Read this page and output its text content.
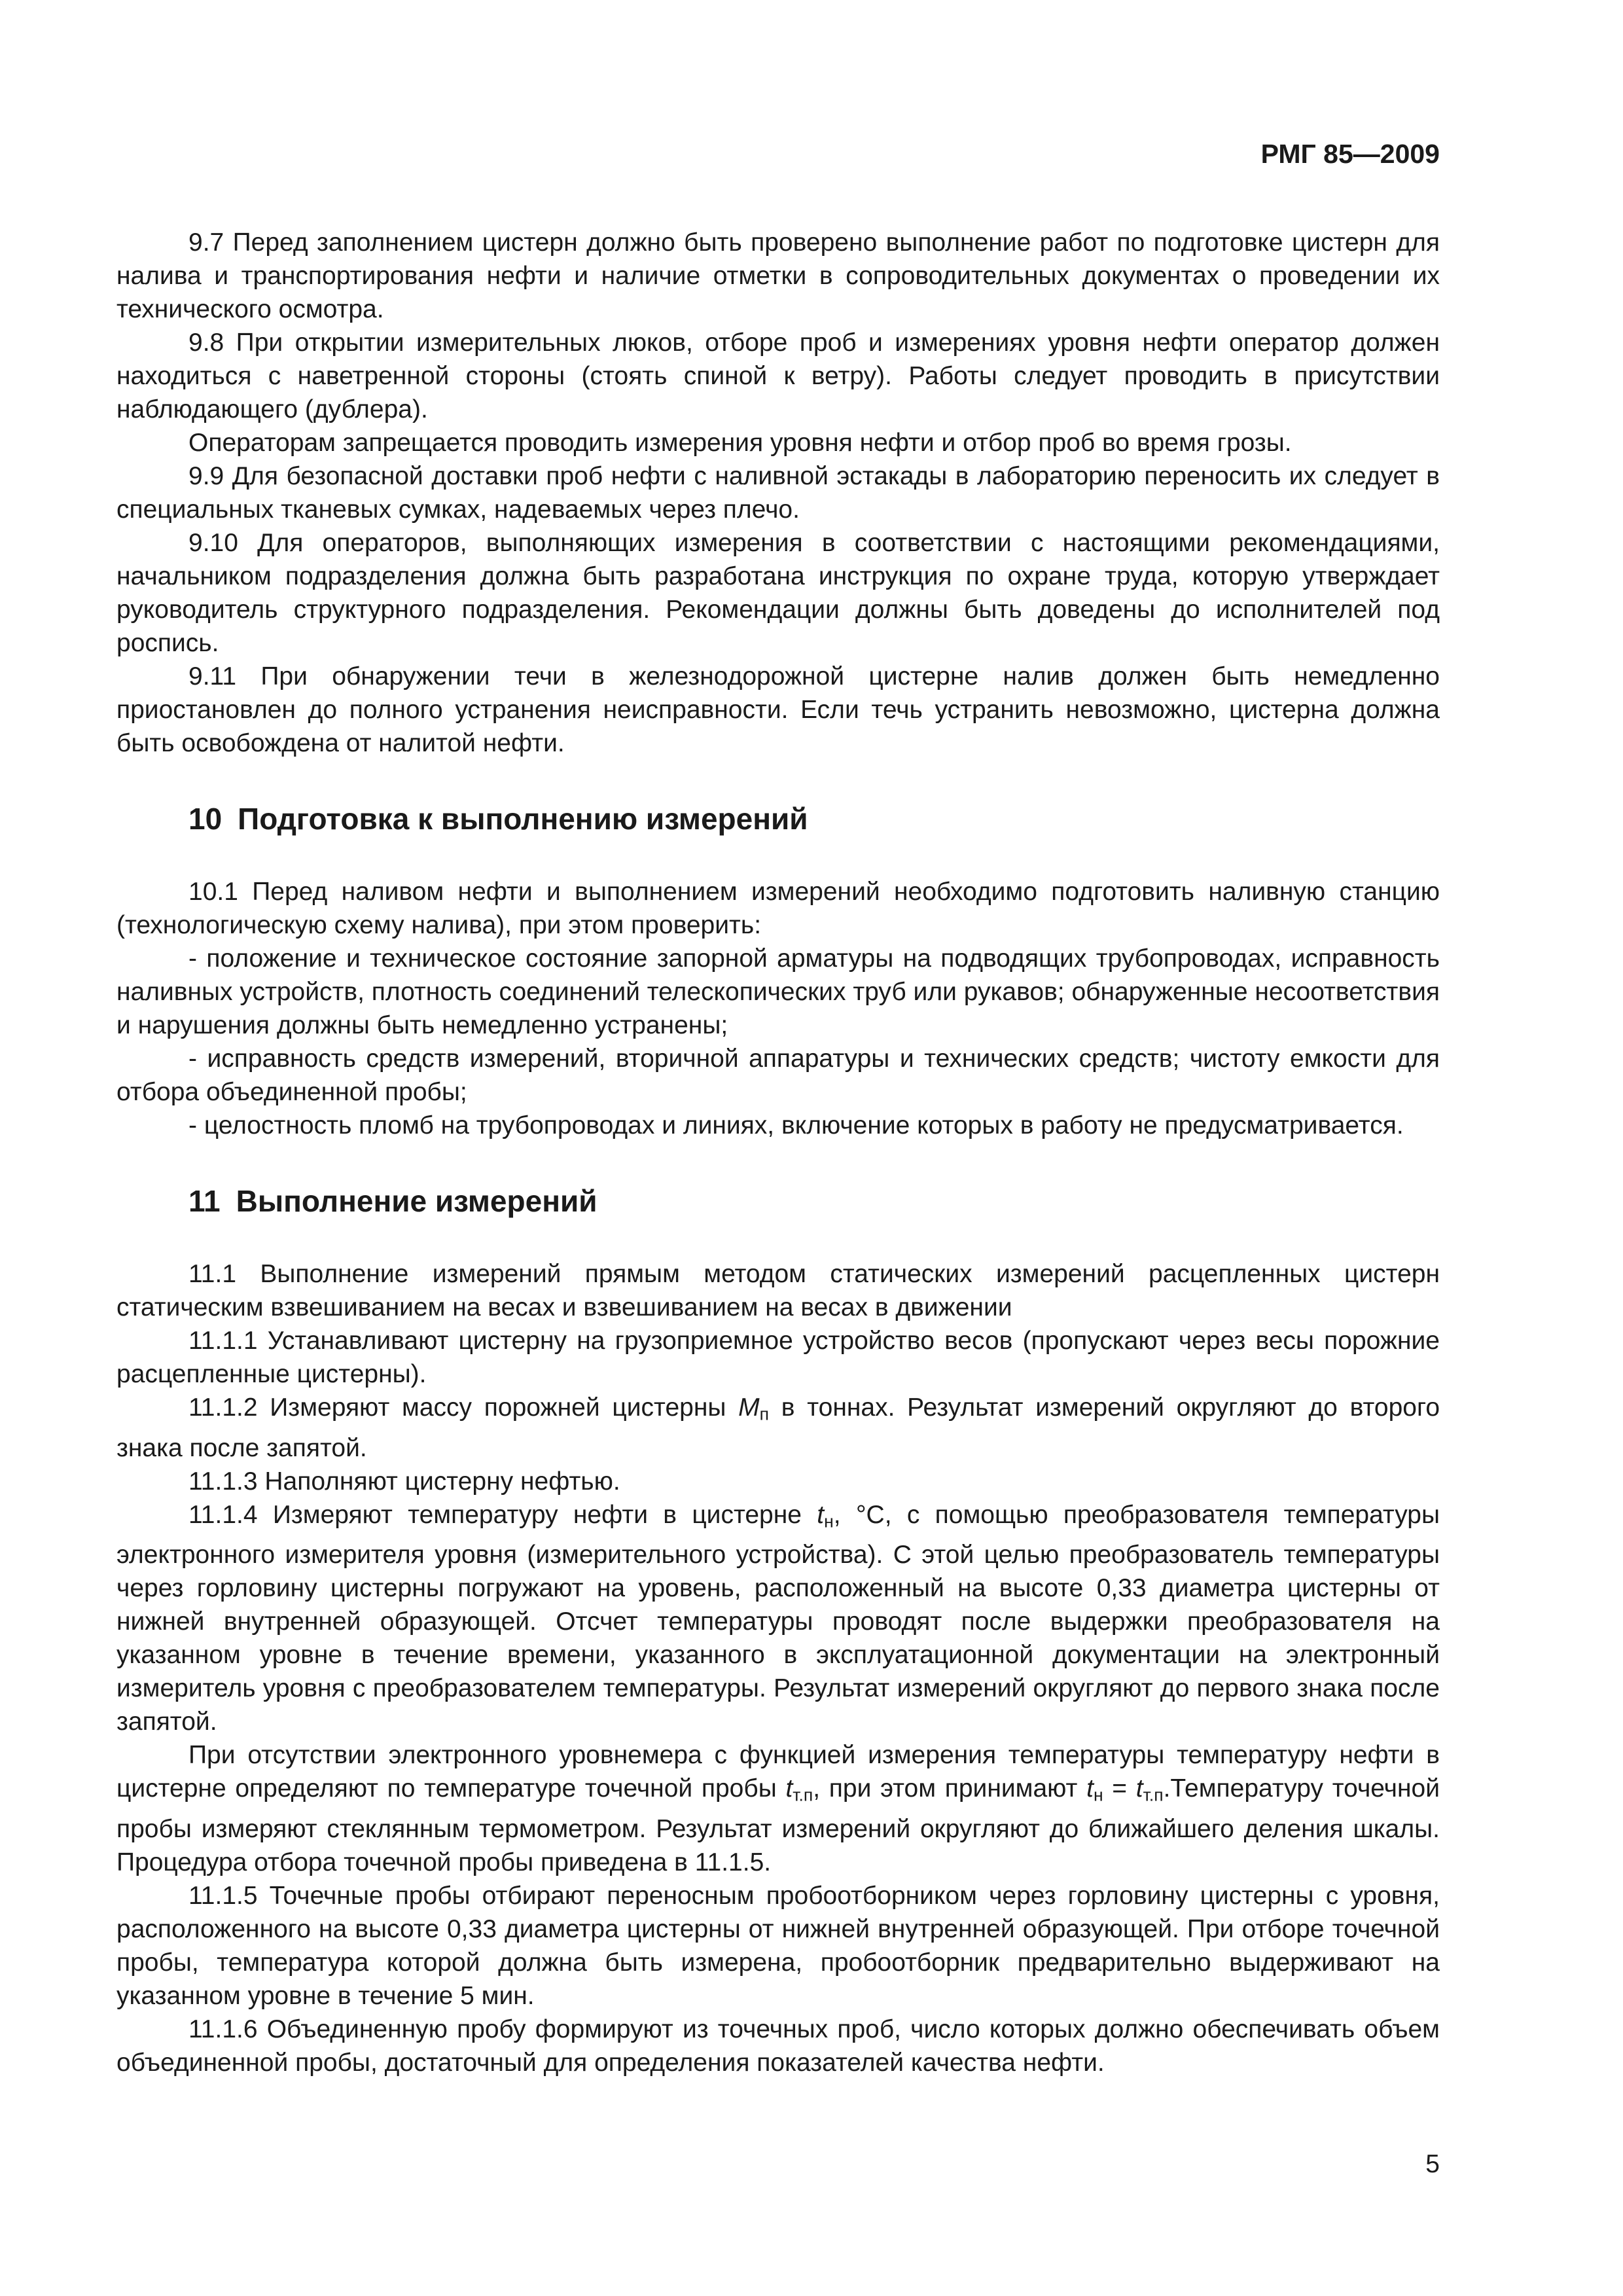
РМГ 85—2009

9.7 Перед заполнением цистерн должно быть проверено выполнение работ по подготовке цистерн для налива и транспортирования нефти и наличие отметки в сопроводительных документах о проведении их технического осмотра.

9.8 При открытии измерительных люков, отборе проб и измерениях уровня нефти оператор должен находиться с наветренной стороны (стоять спиной к ветру). Работы следует проводить в присутствии наблюдающего (дублера).

Операторам запрещается проводить измерения уровня нефти и отбор проб во время грозы.

9.9 Для безопасной доставки проб нефти с наливной эстакады в лабораторию переносить их следует в специальных тканевых сумках, надеваемых через плечо.

9.10 Для операторов, выполняющих измерения в соответствии с настоящими рекомендациями, начальником подразделения должна быть разработана инструкция по охране труда, которую утверждает руководитель структурного подразделения. Рекомендации должны быть доведены до исполнителей под роспись.

9.11 При обнаружении течи в железнодорожной цистерне налив должен быть немедленно приостановлен до полного устранения неисправности. Если течь устранить невозможно, цистерна должна быть освобождена от налитой нефти.

10 Подготовка к выполнению измерений

10.1 Перед наливом нефти и выполнением измерений необходимо подготовить наливную станцию (технологическую схему налива), при этом проверить:

- положение и техническое состояние запорной арматуры на подводящих трубопроводах, исправность наливных устройств, плотность соединений телескопических труб или рукавов; обнаруженные несоответствия и нарушения должны быть немедленно устранены;

- исправность средств измерений, вторичной аппаратуры и технических средств; чистоту емкости для отбора объединенной пробы;

- целостность пломб на трубопроводах и линиях, включение которых в работу не предусматривается.

11 Выполнение измерений

11.1 Выполнение измерений прямым методом статических измерений расцепленных цистерн статическим взвешиванием на весах и взвешиванием на весах в движении

11.1.1 Устанавливают цистерну на грузоприемное устройство весов (пропускают через весы порожние расцепленные цистерны).

11.1.2 Измеряют массу порожней цистерны $M_п$ в тоннах. Результат измерений округляют до второго знака после запятой.

11.1.3 Наполняют цистерну нефтью.

11.1.4 Измеряют температуру нефти в цистерне $t_н$, °С, с помощью преобразователя температуры электронного измерителя уровня (измерительного устройства). С этой целью преобразователь температуры через горловину цистерны погружают на уровень, расположенный на высоте 0,33 диаметра цистерны от нижней внутренней образующей. Отсчет температуры проводят после выдержки преобразователя на указанном уровне в течение времени, указанного в эксплуатационной документации на электронный измеритель уровня с преобразователем температуры. Результат измерений округляют до первого знака после запятой.

При отсутствии электронного уровнемера с функцией измерения температуры температуру нефти в цистерне определяют по температуре точечной пробы $t_{т.п}$, при этом принимают $t_н$ = $t_{т.п}.Температуру$ точечной пробы измеряют стеклянным термометром. Результат измерений округляют до ближайшего деления шкалы. Процедура отбора точечной пробы приведена в 11.1.5.

11.1.5 Точечные пробы отбирают переносным пробоотборником через горловину цистерны с уровня, расположенного на высоте 0,33 диаметра цистерны от нижней внутренней образующей. При отборе точечной пробы, температура которой должна быть измерена, пробоотборник предварительно выдерживают на указанном уровне в течение 5 мин.

11.1.6 Объединенную пробу формируют из точечных проб, число которых должно обеспечивать объем объединенной пробы, достаточный для определения показателей качества нефти.

5
